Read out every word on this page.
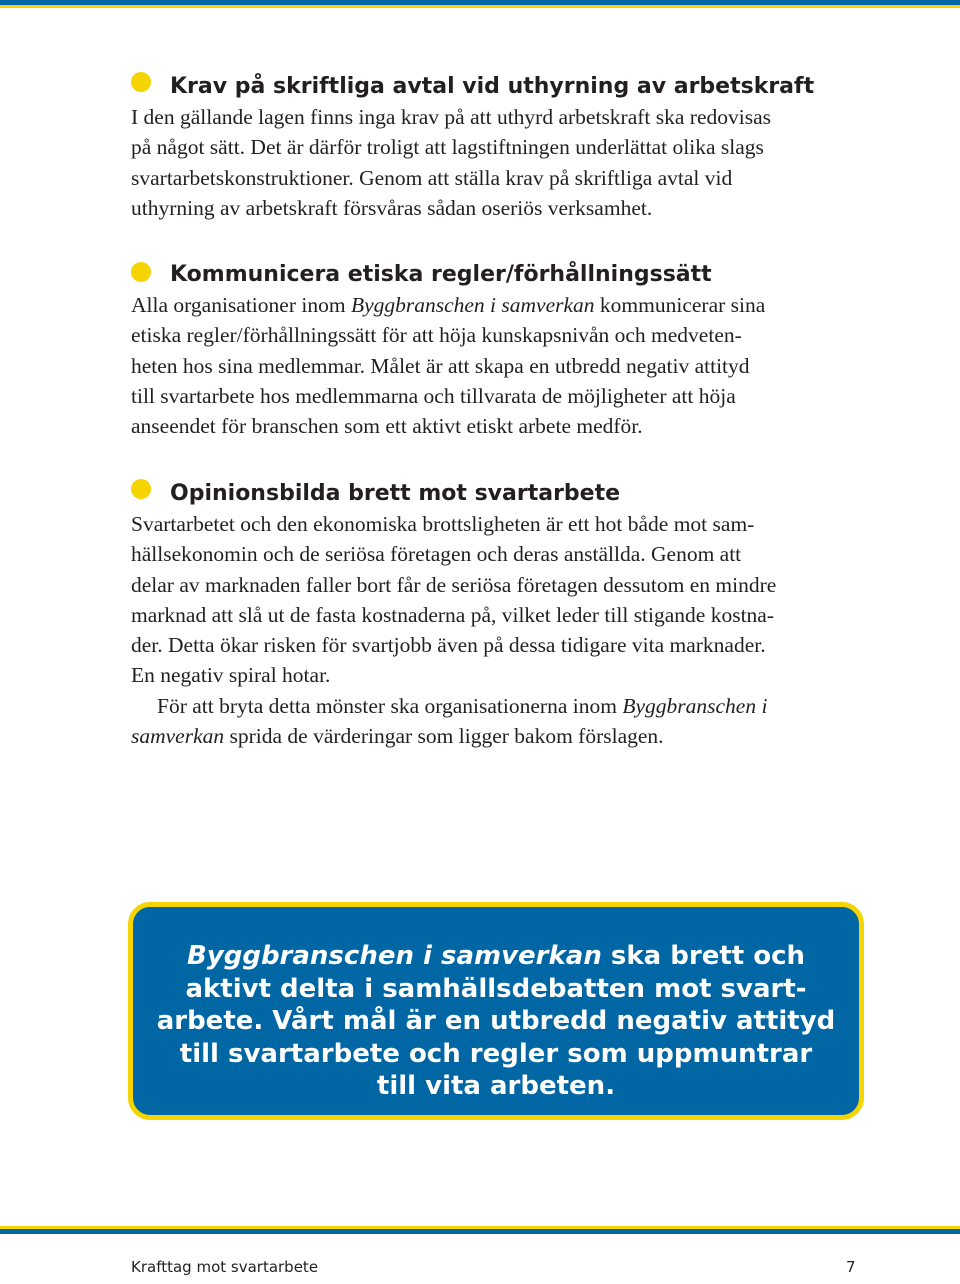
Krav på skriftliga avtal vid uthyrning av arbetskraft

I den gällande lagen finns inga krav på att uthyrd arbetskraft ska redovisas
på något sätt. Det är därför troligt att lagstiftningen underlättat olika slags
svartarbetskonstruktioner. Genom att ställa krav på skriftliga avtal vid
uthyrning av arbetskraft försvåras sådan oseriös verksamhet.

Kommunicera etiska regler/förhållningssätt

Alla organisationer inom Byggbranschen i samverkan kommunicerar sina
etiska regler/förhållningssätt för att höja kunskapsnivån och medveten-
heten hos sina medlemmar. Målet är att skapa en utbredd negativ attityd
till svartarbete hos medlemmarna och tillvarata de möjligheter att höja
anseendet för branschen som ett aktivt etiskt arbete medför.

Opinionsbilda brett mot svartarbete

Svartarbetet och den ekonomiska brottsligheten är ett hot både mot sam-
hällsekonomin och de seriösa företagen och deras anställda. Genom att
delar av marknaden faller bort får de seriösa företagen dessutom en mindre
marknad att slå ut de fasta kostnaderna på, vilket leder till stigande kostna-
der. Detta ökar risken för svartjobb även på dessa tidigare vita marknader.
En negativ spiral hotar.

För att bryta detta mönster ska organisationerna inom Byggbranschen i
samverkan sprida de värderingar som ligger bakom förslagen.

Byggbranschen i samverkan ska brett och
aktivt delta i samhällsdebatten mot svart-
arbete. Vårt mål är en utbredd negativ attityd
till svartarbete och regler som uppmuntrar
till vita arbeten.
Krafttag mot svartarbete	7
